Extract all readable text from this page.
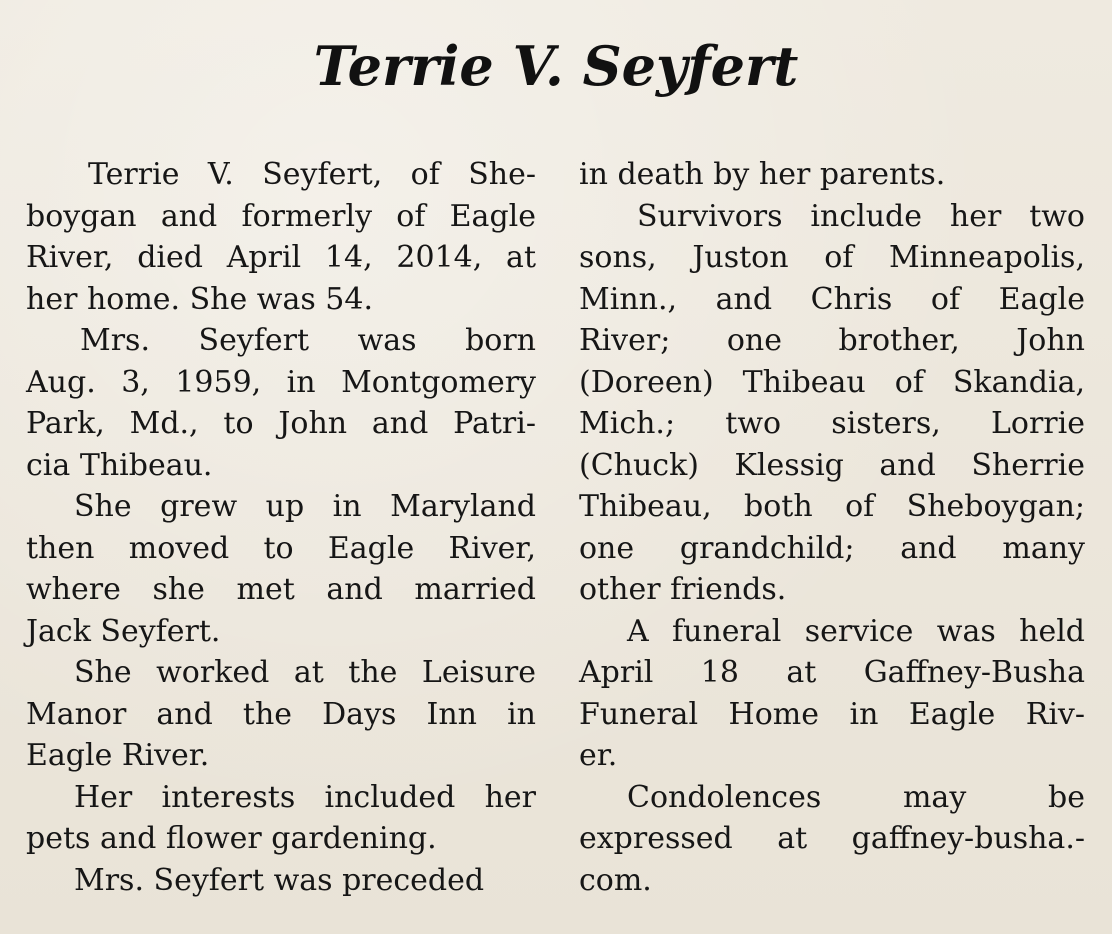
Terrie V. Seyfert
Terrie V. Seyfert, of She-
boygan and formerly of Eagle
River, died April 14, 2014, at
her home. She was 54.
Mrs. Seyfert was born
Aug. 3, 1959, in Montgomery
Park, Md., to John and Patri-
cia Thibeau.
She grew up in Maryland
then moved to Eagle River,
where she met and married
Jack Seyfert.
She worked at the Leisure
Manor and the Days Inn in
Eagle River.
Her interests included her
pets and flower gardening.
Mrs. Seyfert was preceded
in death by her parents.
Survivors include her two
sons, Juston of Minneapolis,
Minn., and Chris of Eagle
River; one brother, John
(Doreen) Thibeau of Skandia,
Mich.; two sisters, Lorrie
(Chuck) Klessig and Sherrie
Thibeau, both of Sheboygan;
one grandchild; and many
other friends.
A funeral service was held
April 18 at Gaffney-Busha
Funeral Home in Eagle Riv-
er.
Condolences may be
expressed at gaffney-busha.-
com.
